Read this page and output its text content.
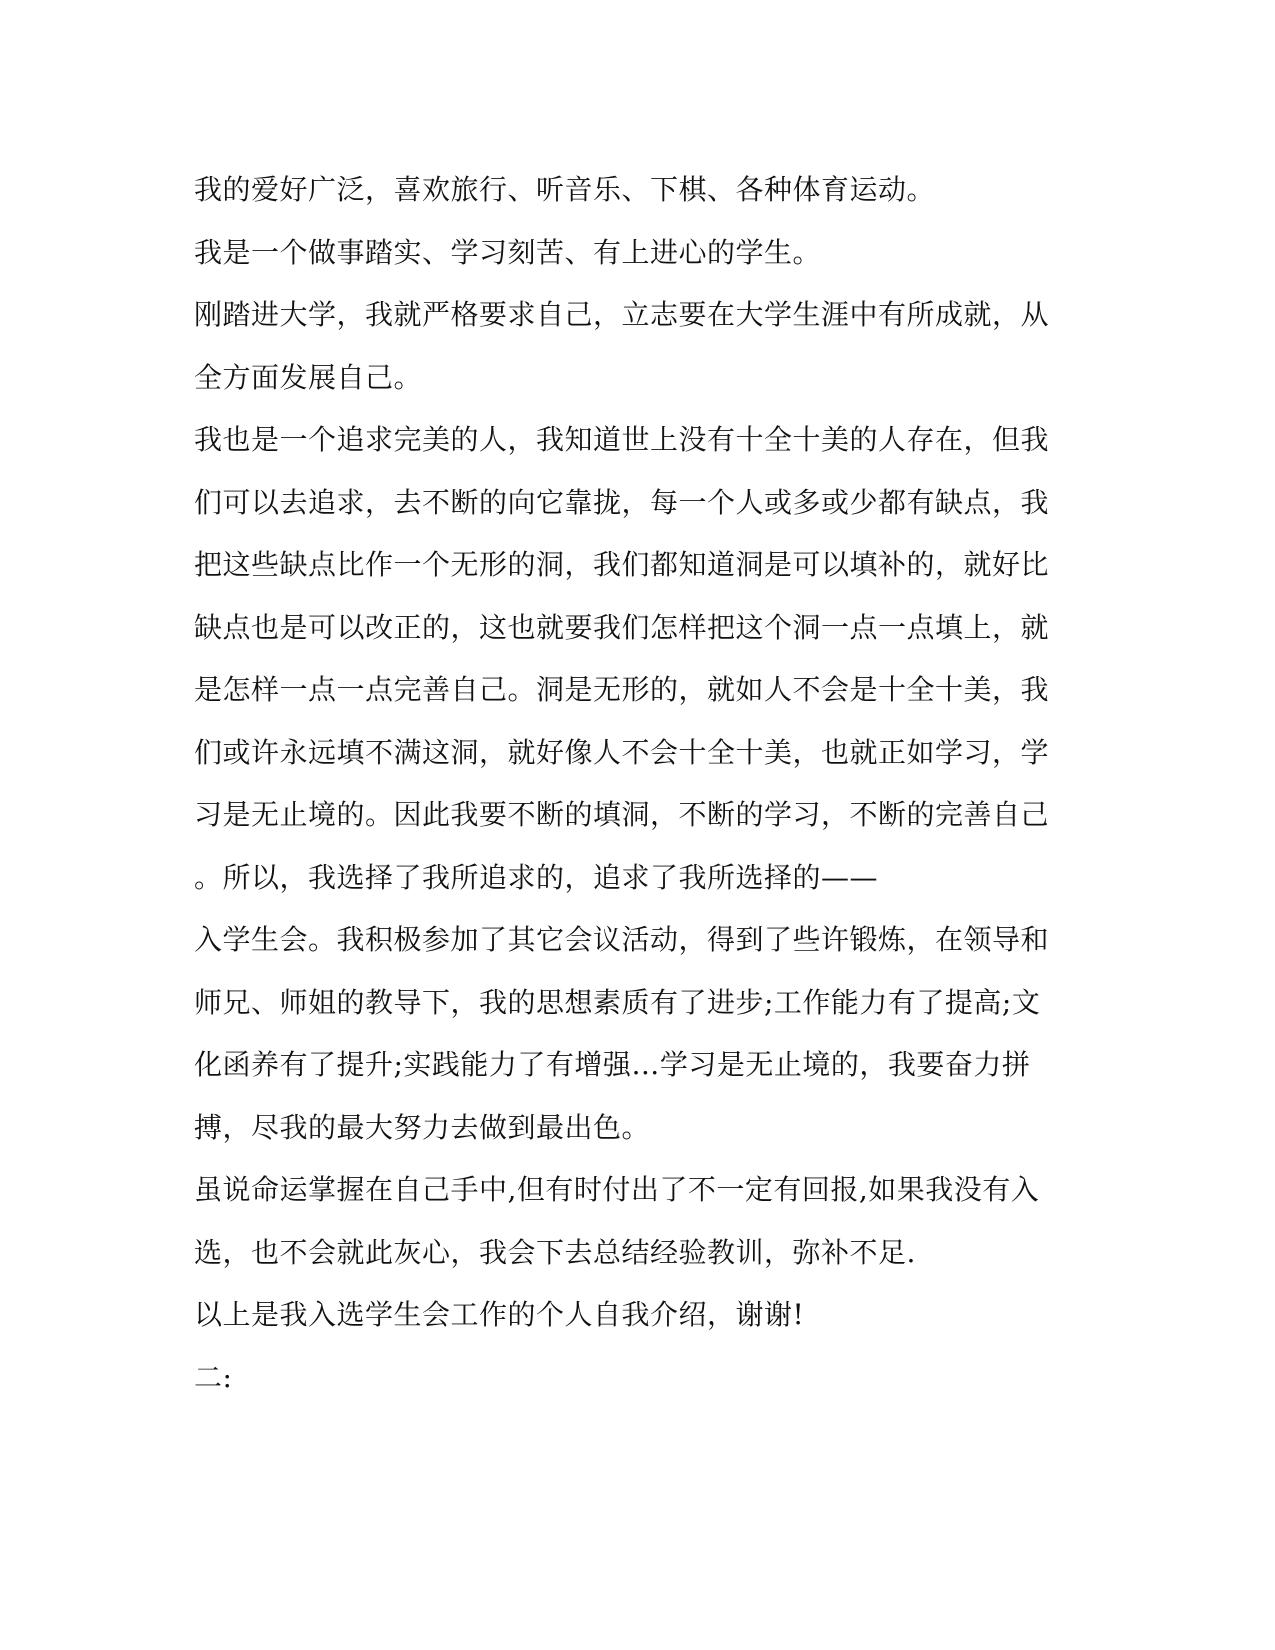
我的爱好广泛，喜欢旅行、听音乐、下棋、各种体育运动。
我是一个做事踏实、学习刻苦、有上进心的学生。
刚踏进大学，我就严格要求自己，立志要在大学生涯中有所成就，从
全方面发展自己。
我也是一个追求完美的人，我知道世上没有十全十美的人存在，但我
们可以去追求，去不断的向它靠拢，每一个人或多或少都有缺点，我
把这些缺点比作一个无形的洞，我们都知道洞是可以填补的，就好比
缺点也是可以改正的，这也就要我们怎样把这个洞一点一点填上，就
是怎样一点一点完善自己。洞是无形的，就如人不会是十全十美，我
们或许永远填不满这洞，就好像人不会十全十美，也就正如学习，学
习是无止境的。因此我要不断的填洞，不断的学习，不断的完善自己
。所以，我选择了我所追求的，追求了我所选择的——
入学生会。我积极参加了其它会议活动，得到了些许锻炼，在领导和
师兄、师姐的教导下，我的思想素质有了进步;工作能力有了提高;文
化函养有了提升;实践能力了有增强…学习是无止境的，我要奋力拼
搏，尽我的最大努力去做到最出色。
虽说命运掌握在自己手中,但有时付出了不一定有回报,如果我没有入
选，也不会就此灰心，我会下去总结经验教训，弥补不足.
以上是我入选学生会工作的个人自我介绍，谢谢!
二:
